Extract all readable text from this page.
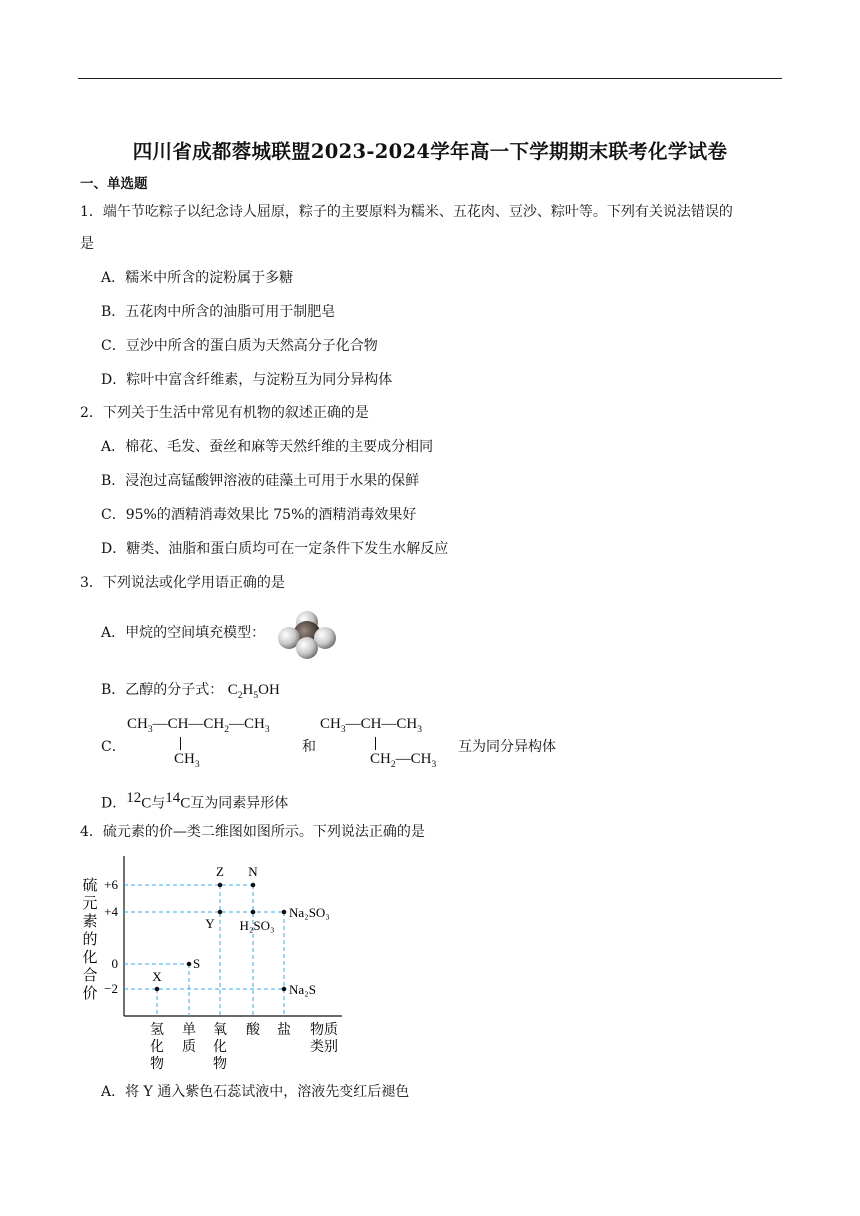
四川省成都蓉城联盟2023-2024学年高一下学期期末联考化学试卷
一、单选题
1．端午节吃粽子以纪念诗人屈原，粽子的主要原料为糯米、五花肉、豆沙、粽叶等。下列有关说法错误的
是
A．糯米中所含的淀粉属于多糖
B．五花肉中所含的油脂可用于制肥皂
C．豆沙中所含的蛋白质为天然高分子化合物
D．粽叶中富含纤维素，与淀粉互为同分异构体
2．下列关于生活中常见有机物的叙述正确的是
A．棉花、毛发、蚕丝和麻等天然纤维的主要成分相同
B．浸泡过高锰酸钾溶液的硅藻土可用于水果的保鲜
C．95%的酒精消毒效果比 75%的酒精消毒效果好
D．糖类、油脂和蛋白质均可在一定条件下发生水解反应
3．下列说法或化学用语正确的是
A．甲烷的空间填充模型：
B．乙醇的分子式： $C_2H_5OH$
C．
$CH_3—CH—CH_2—CH_3$
$CH_3$
和
$CH_3—CH—CH_3$
$CH_2—CH_3$
互为同分异构体
D．$^{12}$C与$^{14}$C互为同素异形体
4．硫元素的价—类二维图如图所示。下列说法正确的是
+6
+4
0
−2
硫
元
素
的
化
合
价
X
S
Z
Y
N
H₂SO₃
Na₂SO₃
Na₂S
氢
化
物
单
质
氧
化
物
酸 盐 物质
类别
A．将 Y 通入紫色石蕊试液中，溶液先变红后褪色
